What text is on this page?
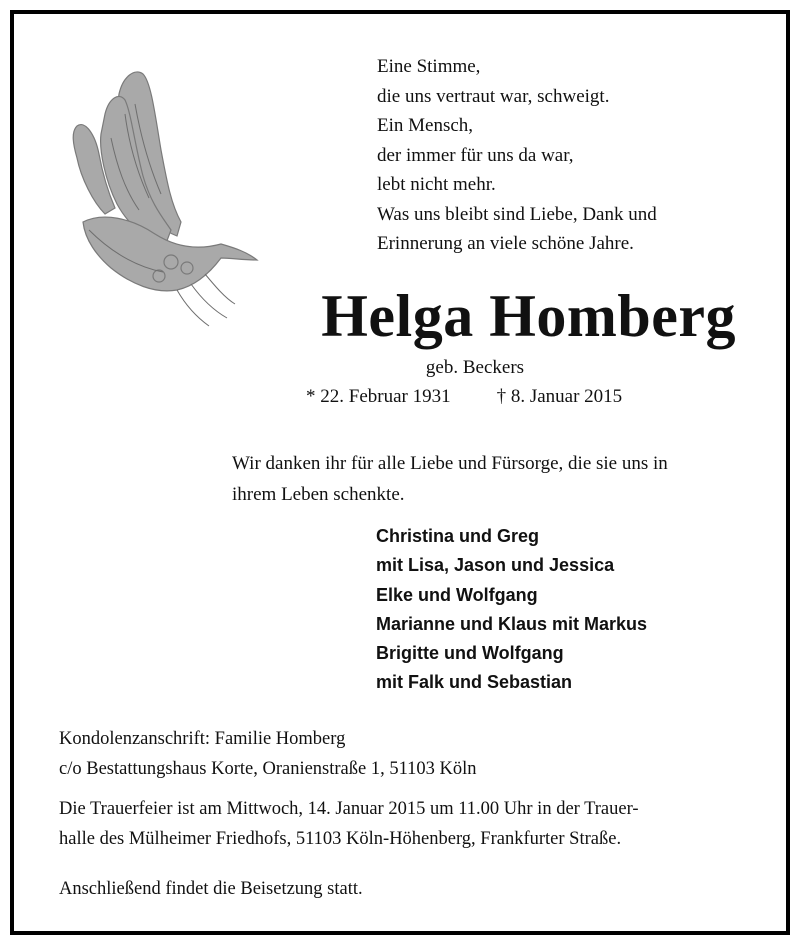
Eine Stimme,
die uns vertraut war, schweigt.
Ein Mensch,
der immer für uns da war,
lebt nicht mehr.
Was uns bleibt sind Liebe, Dank und
Erinnerung an viele schöne Jahre.
Helga Homberg
geb. Beckers
* 22. Februar 1931 † 8. Januar 2015
Wir danken ihr für alle Liebe und Fürsorge, die sie uns in
ihrem Leben schenkte.
Christina und Greg
mit Lisa, Jason und Jessica
Elke und Wolfgang
Marianne und Klaus mit Markus
Brigitte und Wolfgang
mit Falk und Sebastian
Kondolenzanschrift: Familie Homberg
c/o Bestattungshaus Korte, Oranienstraße 1, 51103 Köln
Die Trauerfeier ist am Mittwoch, 14. Januar 2015 um 11.00 Uhr in der Trauer-
halle des Mülheimer Friedhofs, 51103 Köln-Höhenberg, Frankfurter Straße.
Anschließend findet die Beisetzung statt.
